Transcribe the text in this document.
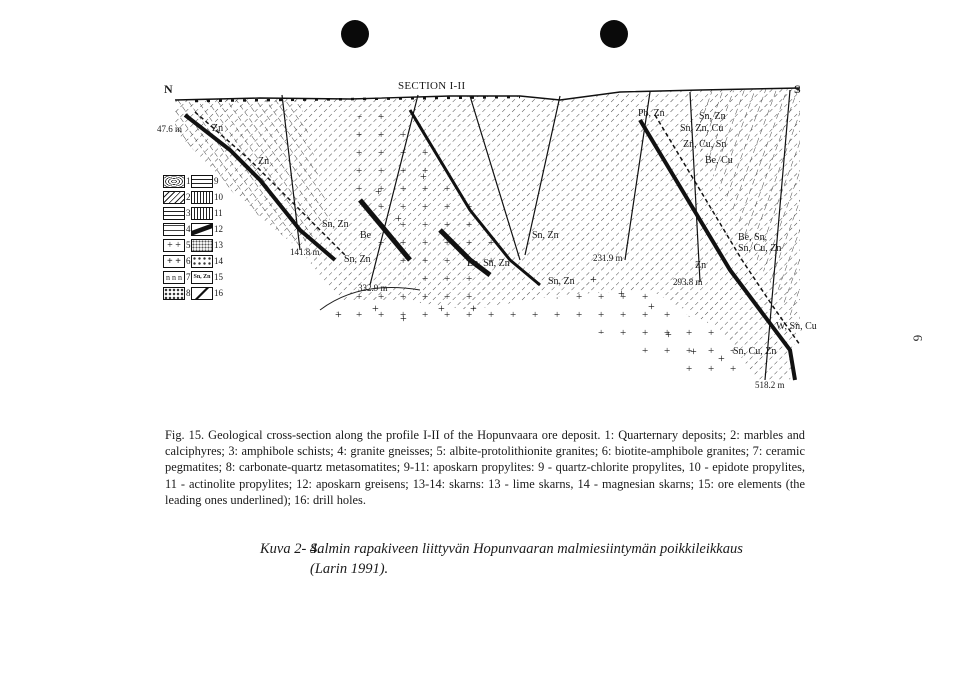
+	+
+
+ +
+
+
+
+
+ +
+
+
+
SECTION I-II
N	S
47.6 m
141.8 m
332.9 m
231.9 m
293.8 m
518.2 m
Zn
Zn
Sn, Zn
Be
Sn, Zn	Be, Sn, Zn
Sn, Zn
Sn, Zn
Pb, Zn	Sn, Zn
Sn, Zn, Cu
Zn, Cu, Sn
Be, Cu
Be, Sn,
Sn, Cu, Zn
Zn
W, Sn, Cu
Sn, Cu, Zn
1
2
3
4
+ + 5
+ + 6
n n n 7
8
9
10
11
12
13
14
Sn, Zn 15
16
Fig. 15. Geological cross-section along the profile I-II of the Hopunvaara ore deposit. 1: Quarternary deposits; 2: marbles and calciphyres; 3: amphibole schists; 4: granite gneisses; 5: albite-protolithionite granites; 6: biotite-amphibole granites; 7: ceramic pegmatites; 8: carbonate-quartz metasomatites; 9-11: aposkarn propylites: 9 - quartz-chlorite propylites, 10 - epidote propylites, 11 - actinolite propylites; 12: aposkarn greisens; 13-14: skarns: 13 - lime skarns, 14 - magnesian skarns; 15: ore elements (the leading ones underlined); 16: drill holes.
Kuva 2- 4.
Salmin rapakiveen liittyvän Hopunvaaran malmiesiintymän poikkileikkaus (Larin 1991).
6
